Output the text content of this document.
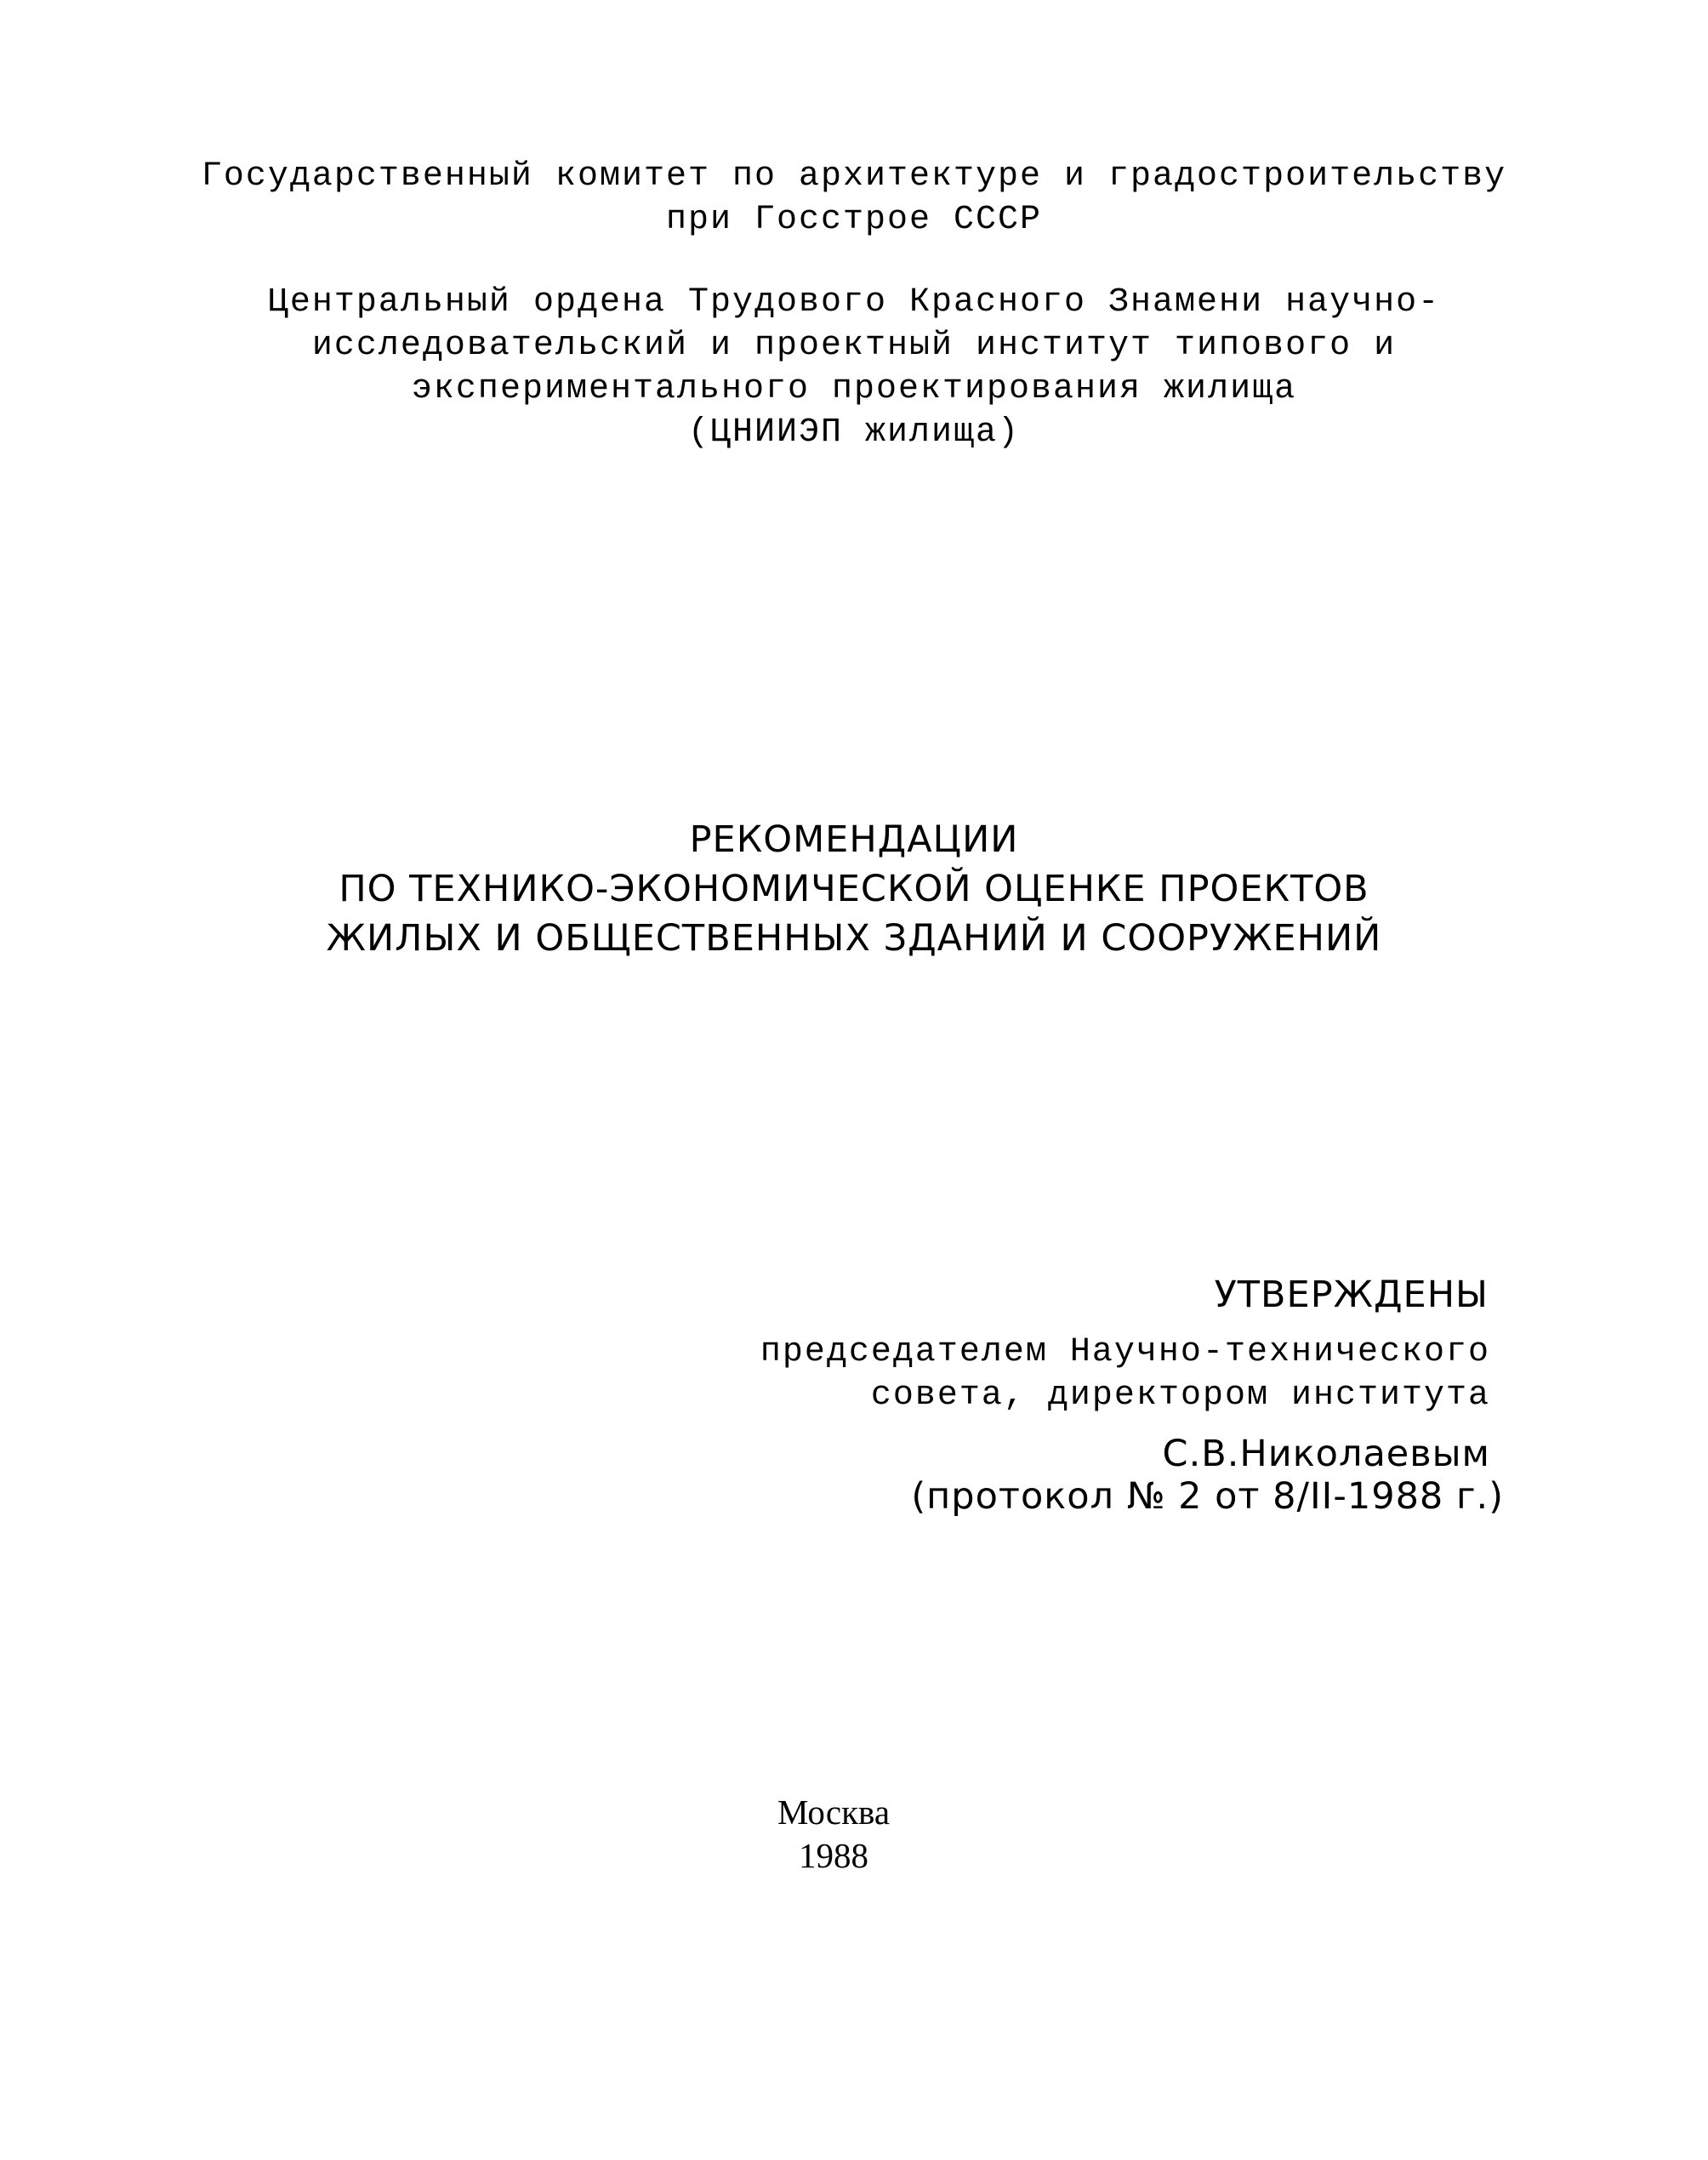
Государственный комитет по архитектуре и градостроительству
при Госстрое СССР
Центральный ордена Трудового Красного Знамени научно-
исследовательский и проектный институт типового и
экспериментального проектирования жилища
(ЦНИИЭП жилища)
РЕКОМЕНДАЦИИ
ПО ТЕХНИКО-ЭКОНОМИЧЕСКОЙ ОЦЕНКЕ ПРОЕКТОВ
ЖИЛЫХ И ОБЩЕСТВЕННЫХ ЗДАНИЙ И СООРУЖЕНИЙ
УТВЕРЖДЕНЫ
председателем Научно-технического
совета, директором института
С.В.Николаевым
(протокол № 2 от 8/II-1988 г.)
Москва
1988
